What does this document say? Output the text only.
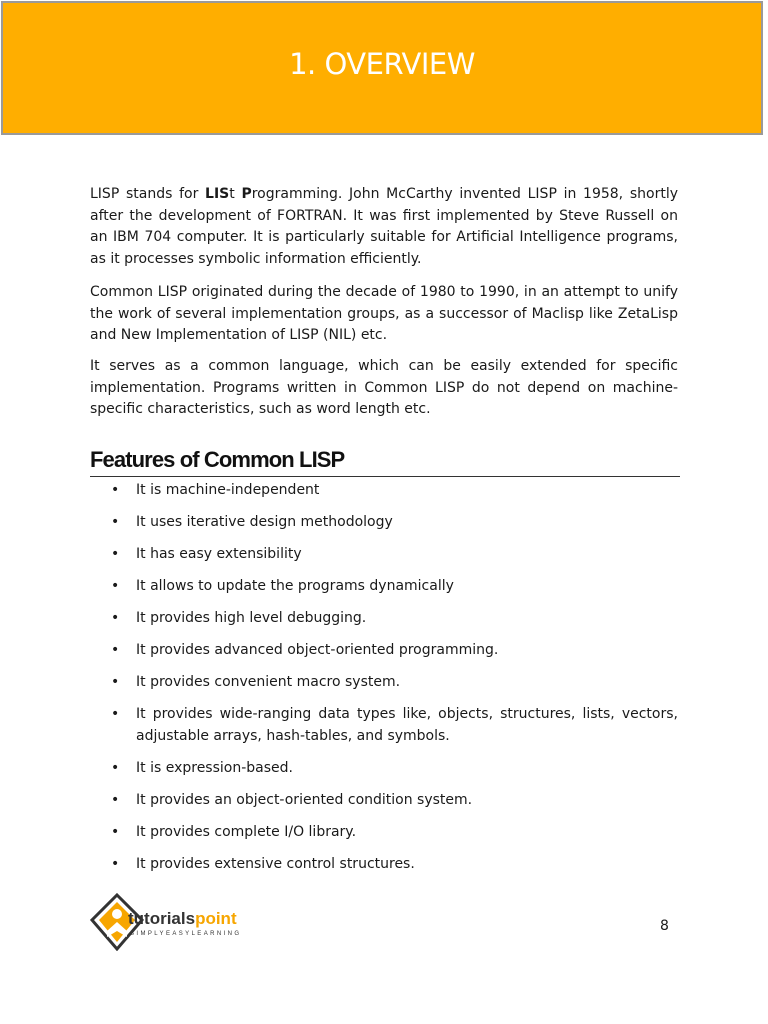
1. OVERVIEW

LISP stands for LISt Programming. John McCarthy invented LISP in 1958, shortly after the development of FORTRAN. It was first implemented by Steve Russell on an IBM 704 computer. It is particularly suitable for Artificial Intelligence programs, as it processes symbolic information efficiently.

Common LISP originated during the decade of 1980 to 1990, in an attempt to unify the work of several implementation groups, as a successor of Maclisp like ZetaLisp and New Implementation of LISP (NIL) etc.

It serves as a common language, which can be easily extended for specific implementation. Programs written in Common LISP do not depend on machine-specific characteristics, such as word length etc.

Features of Common LISP
• It is machine-independent
• It uses iterative design methodology
• It has easy extensibility
• It allows to update the programs dynamically
• It provides high level debugging.
• It provides advanced object-oriented programming.
• It provides convenient macro system.
• It provides wide-ranging data types like, objects, structures, lists, vectors, adjustable arrays, hash-tables, and symbols.
• It is expression-based.
• It provides an object-oriented condition system.
• It provides complete I/O library.
• It provides extensive control structures.
tutorialspoint
SIMPLYEASYLEARNING	8
